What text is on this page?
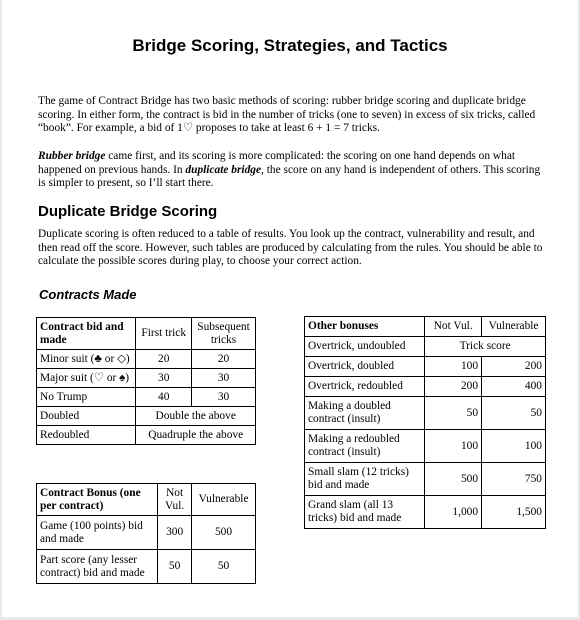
Bridge Scoring, Strategies, and Tactics

The game of Contract Bridge has two basic methods of scoring: rubber bridge scoring and duplicate bridge scoring. In either form, the contract is bid in the number of tricks (one to seven) in excess of six tricks, called “book”. For example, a bid of 1♡ proposes to take at least 6 + 1 = 7 tricks.

Rubber bridge came first, and its scoring is more complicated: the scoring on one hand depends on what happened on previous hands. In duplicate bridge, the score on any hand is independent of others. This scoring is simpler to present, so I’ll start there.

Duplicate Bridge Scoring

Duplicate scoring is often reduced to a table of results. You look up the contract, vulnerability and result, and then read off the score. However, such tables are produced by calculating from the rules. You should be able to calculate the possible scores during play, to choose your correct action.

Contracts Made
Contract bid and made	First trick	Subsequent tricks
Minor suit (♣ or ◇)	20	20
Major suit (♡ or ♠)	30	30
No Trump	40	30
Doubled	Double the above	
Redoubled	Quadruple the above	
Contract Bonus (one per contract)	Not Vul.	Vulnerable
Game (100 points) bid and made	300	500
Part score (any lesser contract) bid and made	50	50
Other bonuses	Not Vul.	Vulnerable
Overtrick, undoubled	Trick score	
Overtrick, doubled	100	200
Overtrick, redoubled	200	400
Making a doubled contract (insult)	50	50
Making a redoubled contract (insult)	100	100
Small slam (12 tricks) bid and made	500	750
Grand slam (all 13 tricks) bid and made	1,000	1,500
